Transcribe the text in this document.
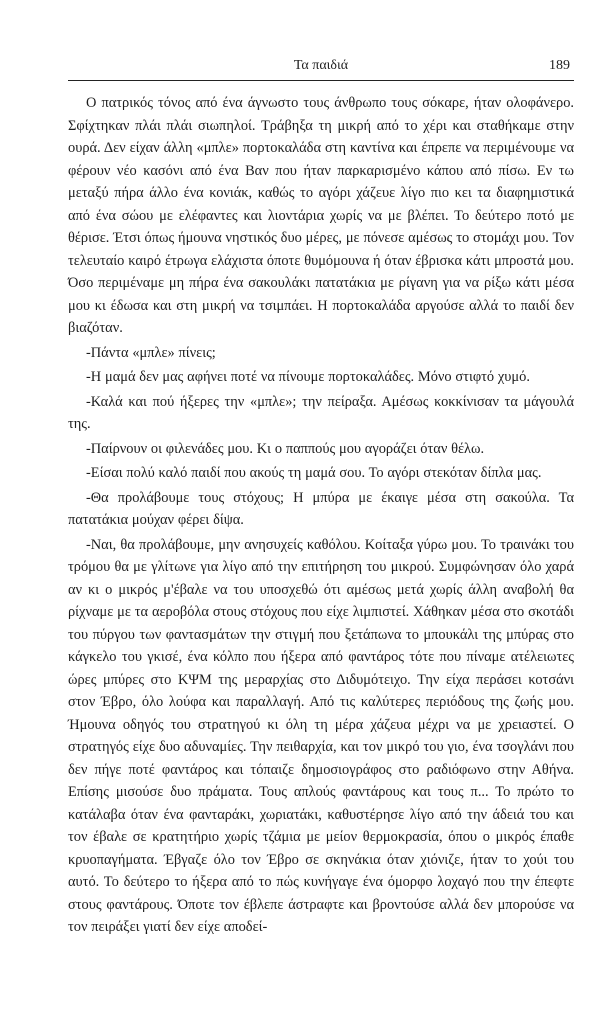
Τα παιδιά	189

Ο πατρικός τόνος από ένα άγνωστο τους άνθρωπο τους σόκαρε, ήταν ολοφάνερο. Σφίχτηκαν πλάι πλάι σιωπηλοί. Τράβηξα τη μικρή από το χέρι και σταθήκαμε στην ουρά. Δεν είχαν άλλη «μπλε» πορτοκαλάδα στη καντίνα και έπρεπε να περιμένουμε να φέρουν νέο κασόνι από ένα Βαν που ήταν παρκαρισμένο κάπου από πίσω. Εν τω μεταξύ πήρα άλλο ένα κονιάκ, καθώς το αγόρι χάζευε λίγο πιο κει τα διαφημιστικά από ένα σώου με ελέφαντες και λιοντάρια χωρίς να με βλέπει. Το δεύτερο ποτό με θέρισε. Έτσι όπως ήμουνα νηστικός δυο μέρες, με πόνεσε αμέσως το στομάχι μου. Τον τελευταίο καιρό έτρωγα ελάχιστα όποτε θυμόμουνα ή όταν έβρισκα κάτι μπροστά μου. Όσο περιμέναμε μη πήρα ένα σακουλάκι πατατάκια με ρίγανη για να ρίξω κάτι μέσα μου κι έδωσα και στη μικρή να τσιμπάει. Η πορτοκαλάδα αργούσε αλλά το παιδί δεν βιαζόταν.

-Πάντα «μπλε» πίνεις;

-Η μαμά δεν μας αφήνει ποτέ να πίνουμε πορτοκαλάδες. Μόνο στιφτό χυμό.

-Καλά και πού ήξερες την «μπλε»; την πείραξα. Αμέσως κοκκίνισαν τα μάγουλά της.

-Παίρνουν οι φιλενάδες μου. Κι ο παππούς μου αγοράζει όταν θέλω.

-Είσαι πολύ καλό παιδί που ακούς τη μαμά σου. Το αγόρι στεκόταν δίπλα μας.

-Θα προλάβουμε τους στόχους; Η μπύρα με έκαιγε μέσα στη σακούλα. Τα πατατάκια μούχαν φέρει δίψα.

-Ναι, θα προλάβουμε, μην ανησυχείς καθόλου. Κοίταξα γύρω μου. Το τραινάκι του τρόμου θα με γλίτωνε για λίγο από την επιτήρηση του μικρού. Συμφώνησαν όλο χαρά αν κι ο μικρός μ'έβαλε να του υποσχεθώ ότι αμέσως μετά χωρίς άλλη αναβολή θα ρίχναμε με τα αεροβόλα στους στόχους που είχε λιμπιστεί. Χάθηκαν μέσα στο σκοτάδι του πύργου των φαντασμάτων την στιγμή που ξετάπωνα το μπουκάλι της μπύρας στο κάγκελο του γκισέ, ένα κόλπο που ήξερα από φαντάρος τότε που πίναμε ατέλειωτες ώρες μπύρες στο ΚΨΜ της μεραρχίας στο Διδυμότειχο. Την είχα περάσει κοτσάνι στον Έβρο, όλο λούφα και παραλλαγή. Από τις καλύτερες περιόδους της ζωής μου. Ήμουνα οδηγός του στρατηγού κι όλη τη μέρα χάζευα μέχρι να με χρειαστεί. Ο στρατηγός είχε δυο αδυναμίες. Την πειθαρχία, και τον μικρό του γιο, ένα τσογλάνι που δεν πήγε ποτέ φαντάρος και τόπαιζε δημοσιογράφος στο ραδιόφωνο στην Αθήνα. Επίσης μισούσε δυο πράματα. Τους απλούς φαντάρους και τους π... Το πρώτο το κατάλαβα όταν ένα φανταράκι, χωριατάκι, καθυστέρησε λίγο από την άδειά του και τον έβαλε σε κρατητήριο χωρίς τζάμια με μείον θερμοκρασία, όπου ο μικρός έπαθε κρυοπαγήματα. Έβγαζε όλο τον Έβρο σε σκηνάκια όταν χιόνιζε, ήταν το χούι του αυτό. Το δεύτερο το ήξερα από το πώς κυνήγαγε ένα όμορφο λοχαγό που την έπεφτε στους φαντάρους. Όποτε τον έβλεπε άστραφτε και βροντούσε αλλά δεν μπορούσε να τον πειράξει γιατί δεν είχε αποδεί-
